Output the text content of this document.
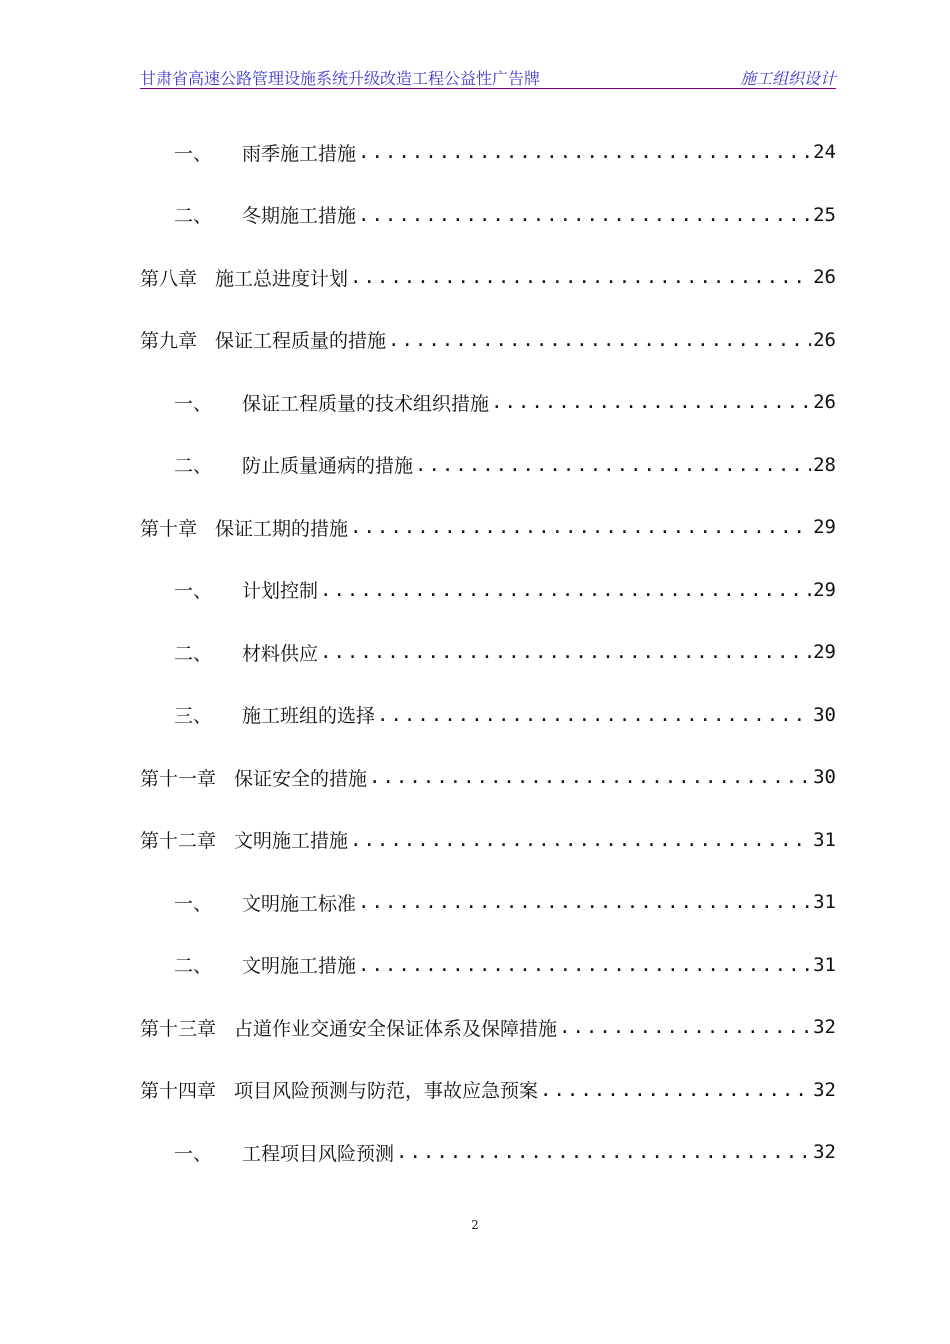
甘肃省高速公路管理设施系统升级改造工程公益性广告牌	施工组织设计
一、	雨季施工措施 .....	24
二、	冬期施工措施 .....	25
第八章 施工总进度计划 .....	26
第九章 保证工程质量的措施 .....	26
一、	保证工程质量的技术组织措施 .....	26
二、	防止质量通病的措施 .....	28
第十章 保证工期的措施 .....	29
一、	计划控制 .....	29
二、	材料供应 .....	29
三、	施工班组的选择 .....	30
第十一章 保证安全的措施 .....	30
第十二章 文明施工措施 .....	31
一、	文明施工标准 .....	31
二、	文明施工措施 .....	31
第十三章 占道作业交通安全保证体系及保障措施 .....	32
第十四章 项目风险预测与防范，事故应急预案 .....	32
一、	工程项目风险预测 .....	32
2
